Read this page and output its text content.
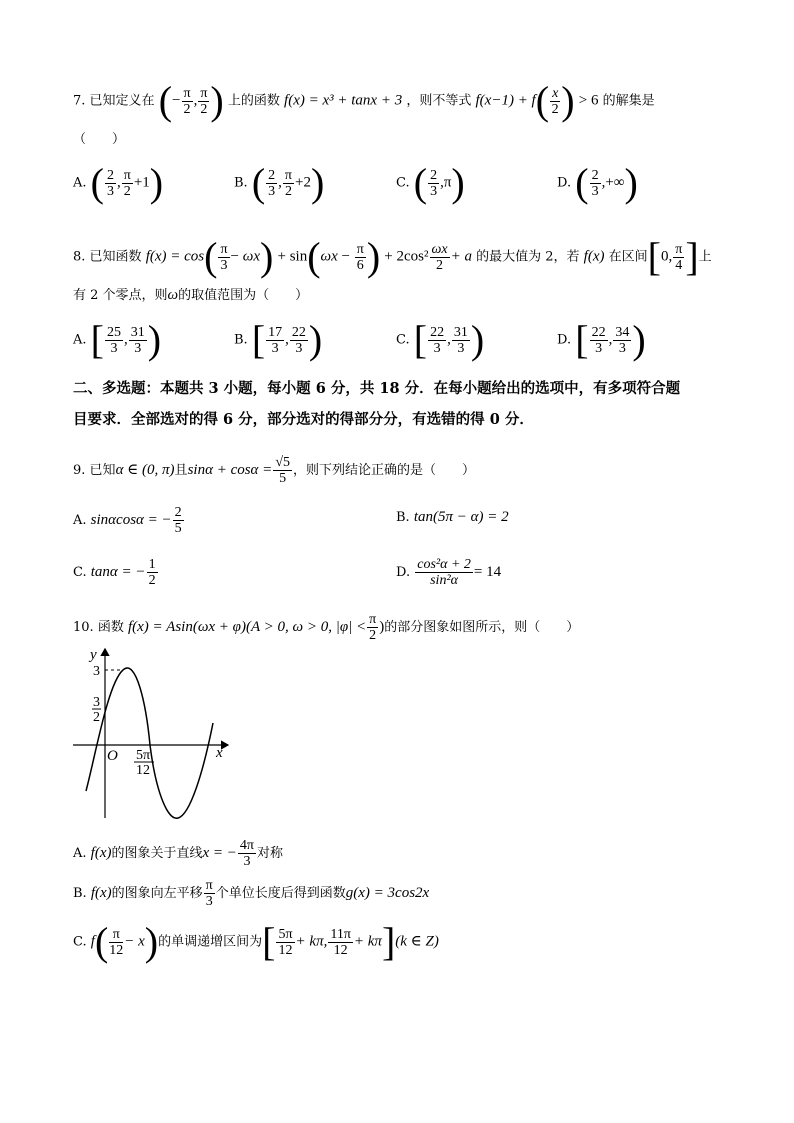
7. 已知定义在 (− $\frac{\pi}{2}$ , $\frac{\pi}{2}$ ) 上的函数 f(x) = x³ + tanx + 3 ，则不等式 $f(x-1) + f( \frac{x}{2}$ ) > 6 的解集是
（　　）
A. ( $\frac{2}{3}$ , $\frac{\pi}{2} +1$)	B. ( $\frac{2}{3}$ , $\frac{\pi}{2} +2$)	C. ( $\frac{2}{3} ,\pi$)	D. ( $\frac{2}{3}$ ,+∞)
8. 已知函数 $f(x) = \cos( \frac{\pi}{3} - \omega x) + \sin(\omega x - \frac{\pi}{6}$ ) + $2\cos^2 \frac{\omega x}{2} + a$ 的最大值为 2，若 f(x) 在区间[0, $\frac{\pi}{4}$ ]上
有 2 个零点，则ω的取值范围为（　　）
A. [ $\frac{25}{3}$ , $\frac{31}{3}$ )	B. [ $\frac{17}{3}$ , $\frac{22}{3}$ )	C. [ $\frac{22}{3}$ , $\frac{31}{3}$ )	D. [ $\frac{22}{3}$ , $\frac{34}{3}$ )
二、多选题：本题共 3 小题，每小题 6 分，共 18 分．在每小题给出的选项中，有多项符合题
目要求．全部选对的得 6 分，部分选对的得部分分，有选错的得 0 分．
9. 已知α ∈ (0, π)且$\sin\alpha + \cos\alpha = \frac{√5}{5}$ ，则下列结论正确的是（　　）
A. sinαcosα = − $\frac{2}{5}$	B. tan(5π − α) = 2
C. tanα = − $\frac{1}{2}$	D. $\frac{\text{cos²α + 2}}{\text{sin²α}} = 14$
10. 函数 f(x) = Asin(ωx + φ)(A > 0, ω > 0, $|\varphi| < \frac{\pi}{2}$ )的部分图象如图所示，则（　　）
y
x
O
3
3
2
5π
12
A. f(x)的图象关于直线x = − $\frac{4\pi}{3}$ 对称
B. f(x)的图象向左平移 $\frac{\pi}{3}$ 个单位长度后得到函数g(x) = 3cos2x
C. $f( \frac{\pi}{12} - x)$的单调递增区间为[ $\frac{5\pi}{12} + k\pi$, $\frac{11\pi}{12} + k\pi](k$ ∈ Z)
